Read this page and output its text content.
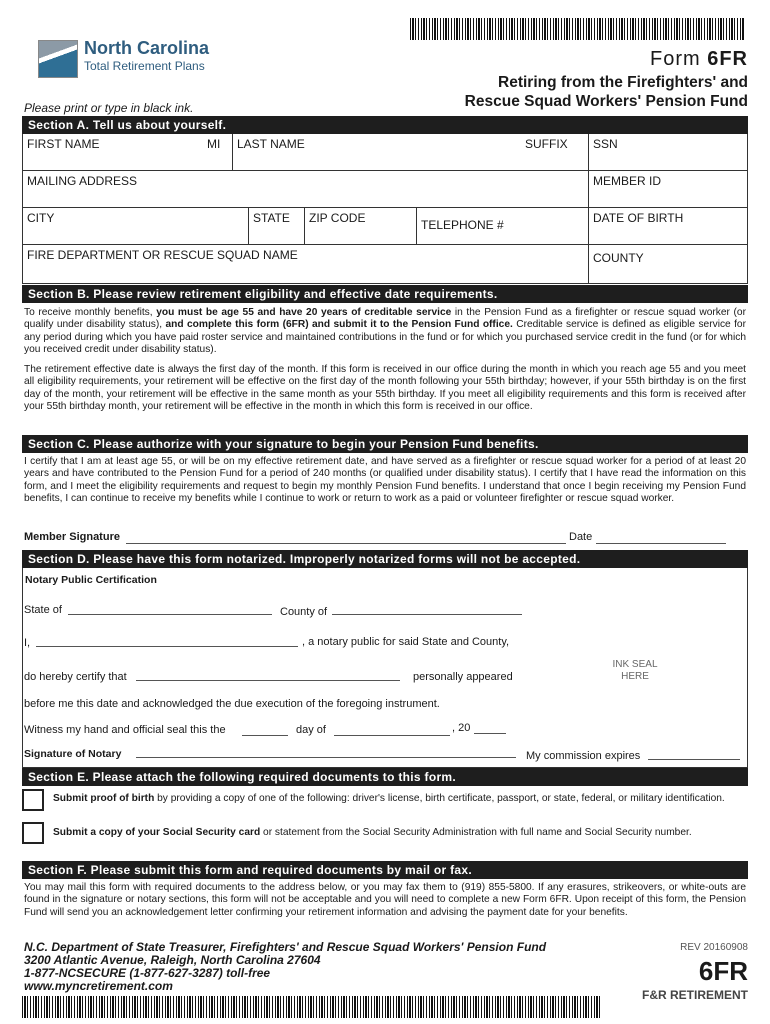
North Carolina
Total Retirement Plans	Form 6FR
Retiring from the Firefighters' and
Rescue Squad Workers' Pension Fund
Please print or type in black ink.
Section A. Tell us about yourself.
FIRST NAME	MI	LAST NAME	SUFFIX	SSN
MAILING ADDRESS	MEMBER ID
CITY	STATE	ZIP CODE	TELEPHONE #	DATE OF BIRTH
FIRE DEPARTMENT OR RESCUE SQUAD NAME	COUNTY
Section B. Please review retirement eligibility and effective date requirements.
To receive monthly benefits, you must be age 55 and have 20 years of creditable service in the Pension Fund as a firefighter or rescue squad worker (or qualify under disability status), and complete this form (6FR) and submit it to the Pension Fund office. Creditable service is defined as eligible service for any period during which you have paid roster service and maintained contributions in the fund or for which you purchased service credit in the fund (or for which you received credit under disability status).
The retirement effective date is always the first day of the month. If this form is received in our office during the month in which you reach age 55 and you meet all eligibility requirements, your retirement will be effective on the first day of the month following your 55th birthday; however, if your 55th birthday is on the first day of the month, your retirement will be effective in the same month as your 55th birthday. If you meet all eligibility requirements and this form is received after your 55th birthday month, your retirement will be effective in the month in which this form is received in our office.
Section C. Please authorize with your signature to begin your Pension Fund benefits.
I certify that I am at least age 55, or will be on my effective retirement date, and have served as a firefighter or rescue squad worker for a period of at least 20 years and have contributed to the Pension Fund for a period of 240 months (or qualified under disability status). I certify that I have read the information on this form, and I meet the eligibility requirements and request to begin my monthly Pension Fund benefits. I understand that once I begin receiving my Pension Fund benefits, I can continue to receive my benefits while I continue to work or return to work as a paid or volunteer firefighter or rescue squad worker.
Member Signature	Date
Section D. Please have this form notarized. Improperly notarized forms will not be accepted.
Notary Public Certification
State of	County of
I,	, a notary public for said State and County,
do hereby certify that	personally appeared
INK SEAL
HERE
before me this date and acknowledged the due execution of the foregoing instrument.
Witness my hand and official seal this the	day of	, 20
Signature of Notary	My commission expires
Section E. Please attach the following required documents to this form.
Submit proof of birth by providing a copy of one of the following: driver's license, birth certificate, passport, or state, federal, or military identification.
Submit a copy of your Social Security card or statement from the Social Security Administration with full name and Social Security number.
Section F. Please submit this form and required documents by mail or fax.
You may mail this form with required documents to the address below, or you may fax them to (919) 855-5800. If any erasures, strikeovers, or white-outs are found in the signature or notary sections, this form will not be acceptable and you will need to complete a new Form 6FR. Upon receipt of this form, the Pension Fund will send you an acknowledgement letter confirming your retirement information and advising the payment date for your benefits.
N.C. Department of State Treasurer, Firefighters' and Rescue Squad Workers' Pension Fund
3200 Atlantic Avenue, Raleigh, North Carolina 27604
1-877-NCSECURE (1-877-627-3287) toll-free
www.myncretirement.com
REV 20160908
6FR
F&R RETIREMENT
